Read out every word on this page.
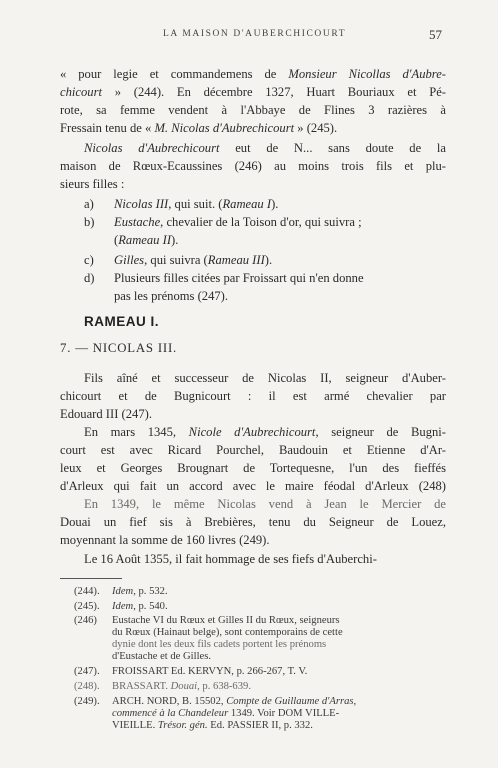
LA MAISON D'AUBERCHICOURT	57
« pour legie et commandemens de Monsieur Nicollas d'Aubre-
chicourt » (244). En décembre 1327, Huart Bouriaux et Pé-
rote, sa femme vendent à l'Abbaye de Flines 3 razières à
Fressain tenu de « M. Nicolas d'Aubrechicourt » (245).
Nicolas d'Aubrechicourt eut de N... sans doute de la
maison de Rœux-Ecaussines (246) au moins trois fils et plu-
sieurs filles :
a)	Nicolas III, qui suit. (Rameau I).
b)	Eustache, chevalier de la Toison d'or, qui suivra ;
(Rameau II).
c)	Gilles, qui suivra (Rameau III).
d)	Plusieurs filles citées par Froissart qui n'en donne
pas les prénoms (247).
RAMEAU I.
7. — NICOLAS III.
Fils aîné et successeur de Nicolas II, seigneur d'Auber-
chicourt et de Bugnicourt : il est armé chevalier par
Edouard III (247).
En mars 1345, Nicole d'Aubrechicourt, seigneur de Bugni-
court est avec Ricard Pourchel, Baudouin et Etienne d'Ar-
leux et Georges Brougnart de Tortequesne, l'un des fieffés
d'Arleux qui fait un accord avec le maire féodal d'Arleux (248)
En 1349, le même Nicolas vend à Jean le Mercier de
Douai un fief sis à Brebières, tenu du Seigneur de Louez,
moyennant la somme de 160 livres (249).
Le 16 Août 1355, il fait hommage de ses fiefs d'Auberchi-
(244). Idem, p. 532.
(245). Idem, p. 540.
(246) Eustache VI du Rœux et Gilles II du Rœux, seigneurs
du Rœux (Hainaut belge), sont contemporains de cette
dynie dont les deux fils cadets portent les prénoms
d'Eustache et de Gilles.
(247). FROISSART Ed. KERVYN, p. 266-267, T. V.
(248). BRASSART. Douai, p. 638-639.
(249). ARCH. NORD, B. 15502, Compte de Guillaume d'Arras,
commencé à la Chandeleur 1349. Voir DOM VILLE-
VIEILLE. Trésor. gén. Ed. PASSIER II, p. 332.
